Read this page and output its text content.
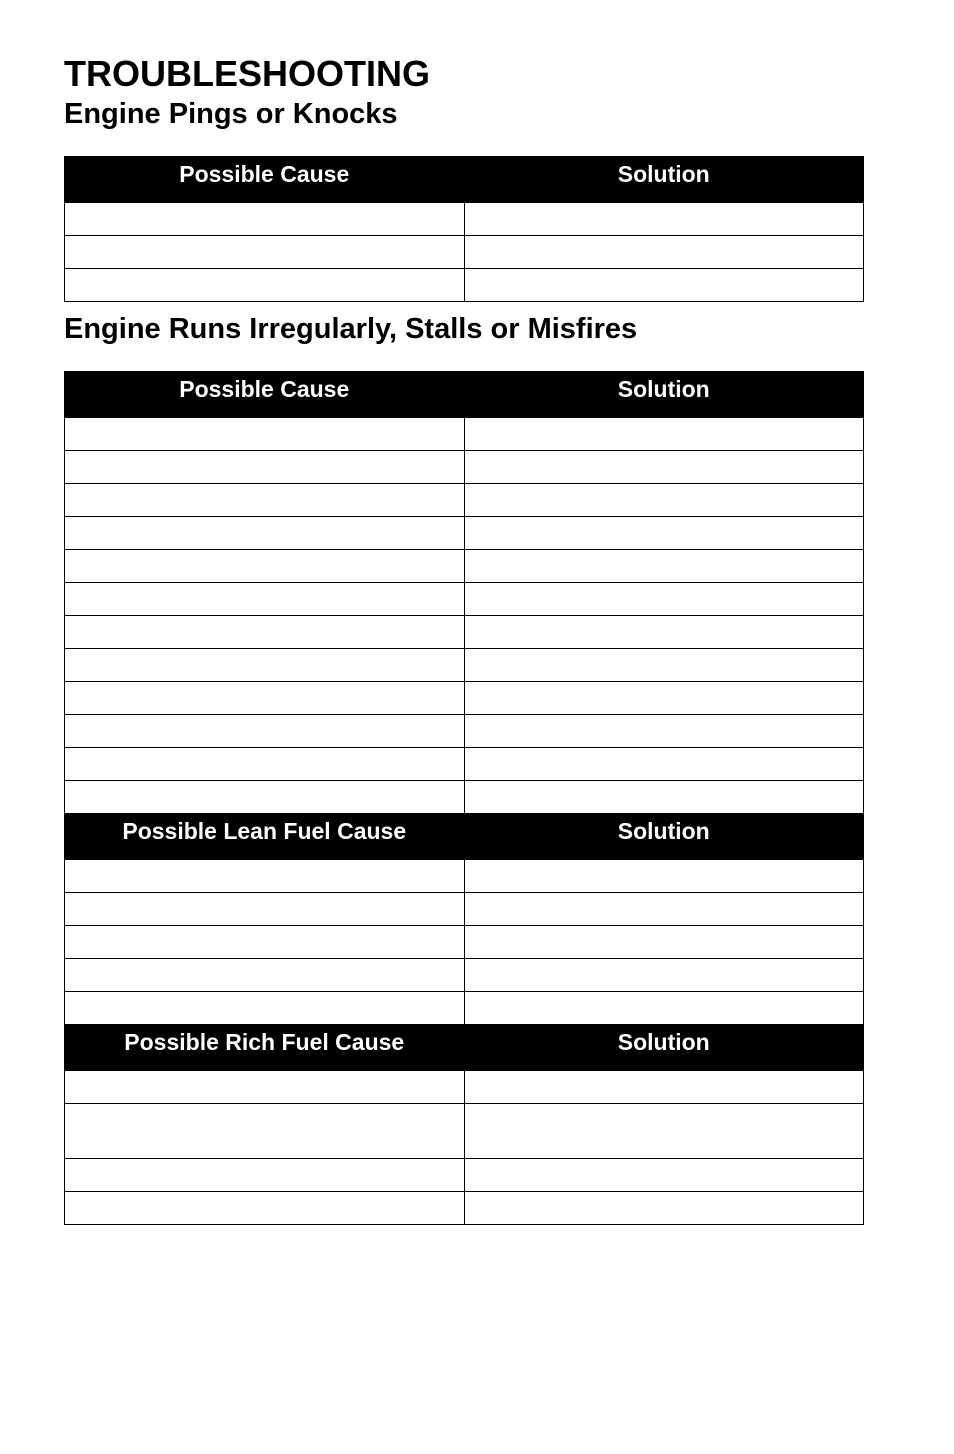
TROUBLESHOOTING
Engine Pings or Knocks
Possible Cause	Solution

Engine Runs Irregularly, Stalls or Misfires
Possible Cause	Solution

Possible Lean Fuel Cause	Solution

Possible Rich Fuel Cause	Solution
